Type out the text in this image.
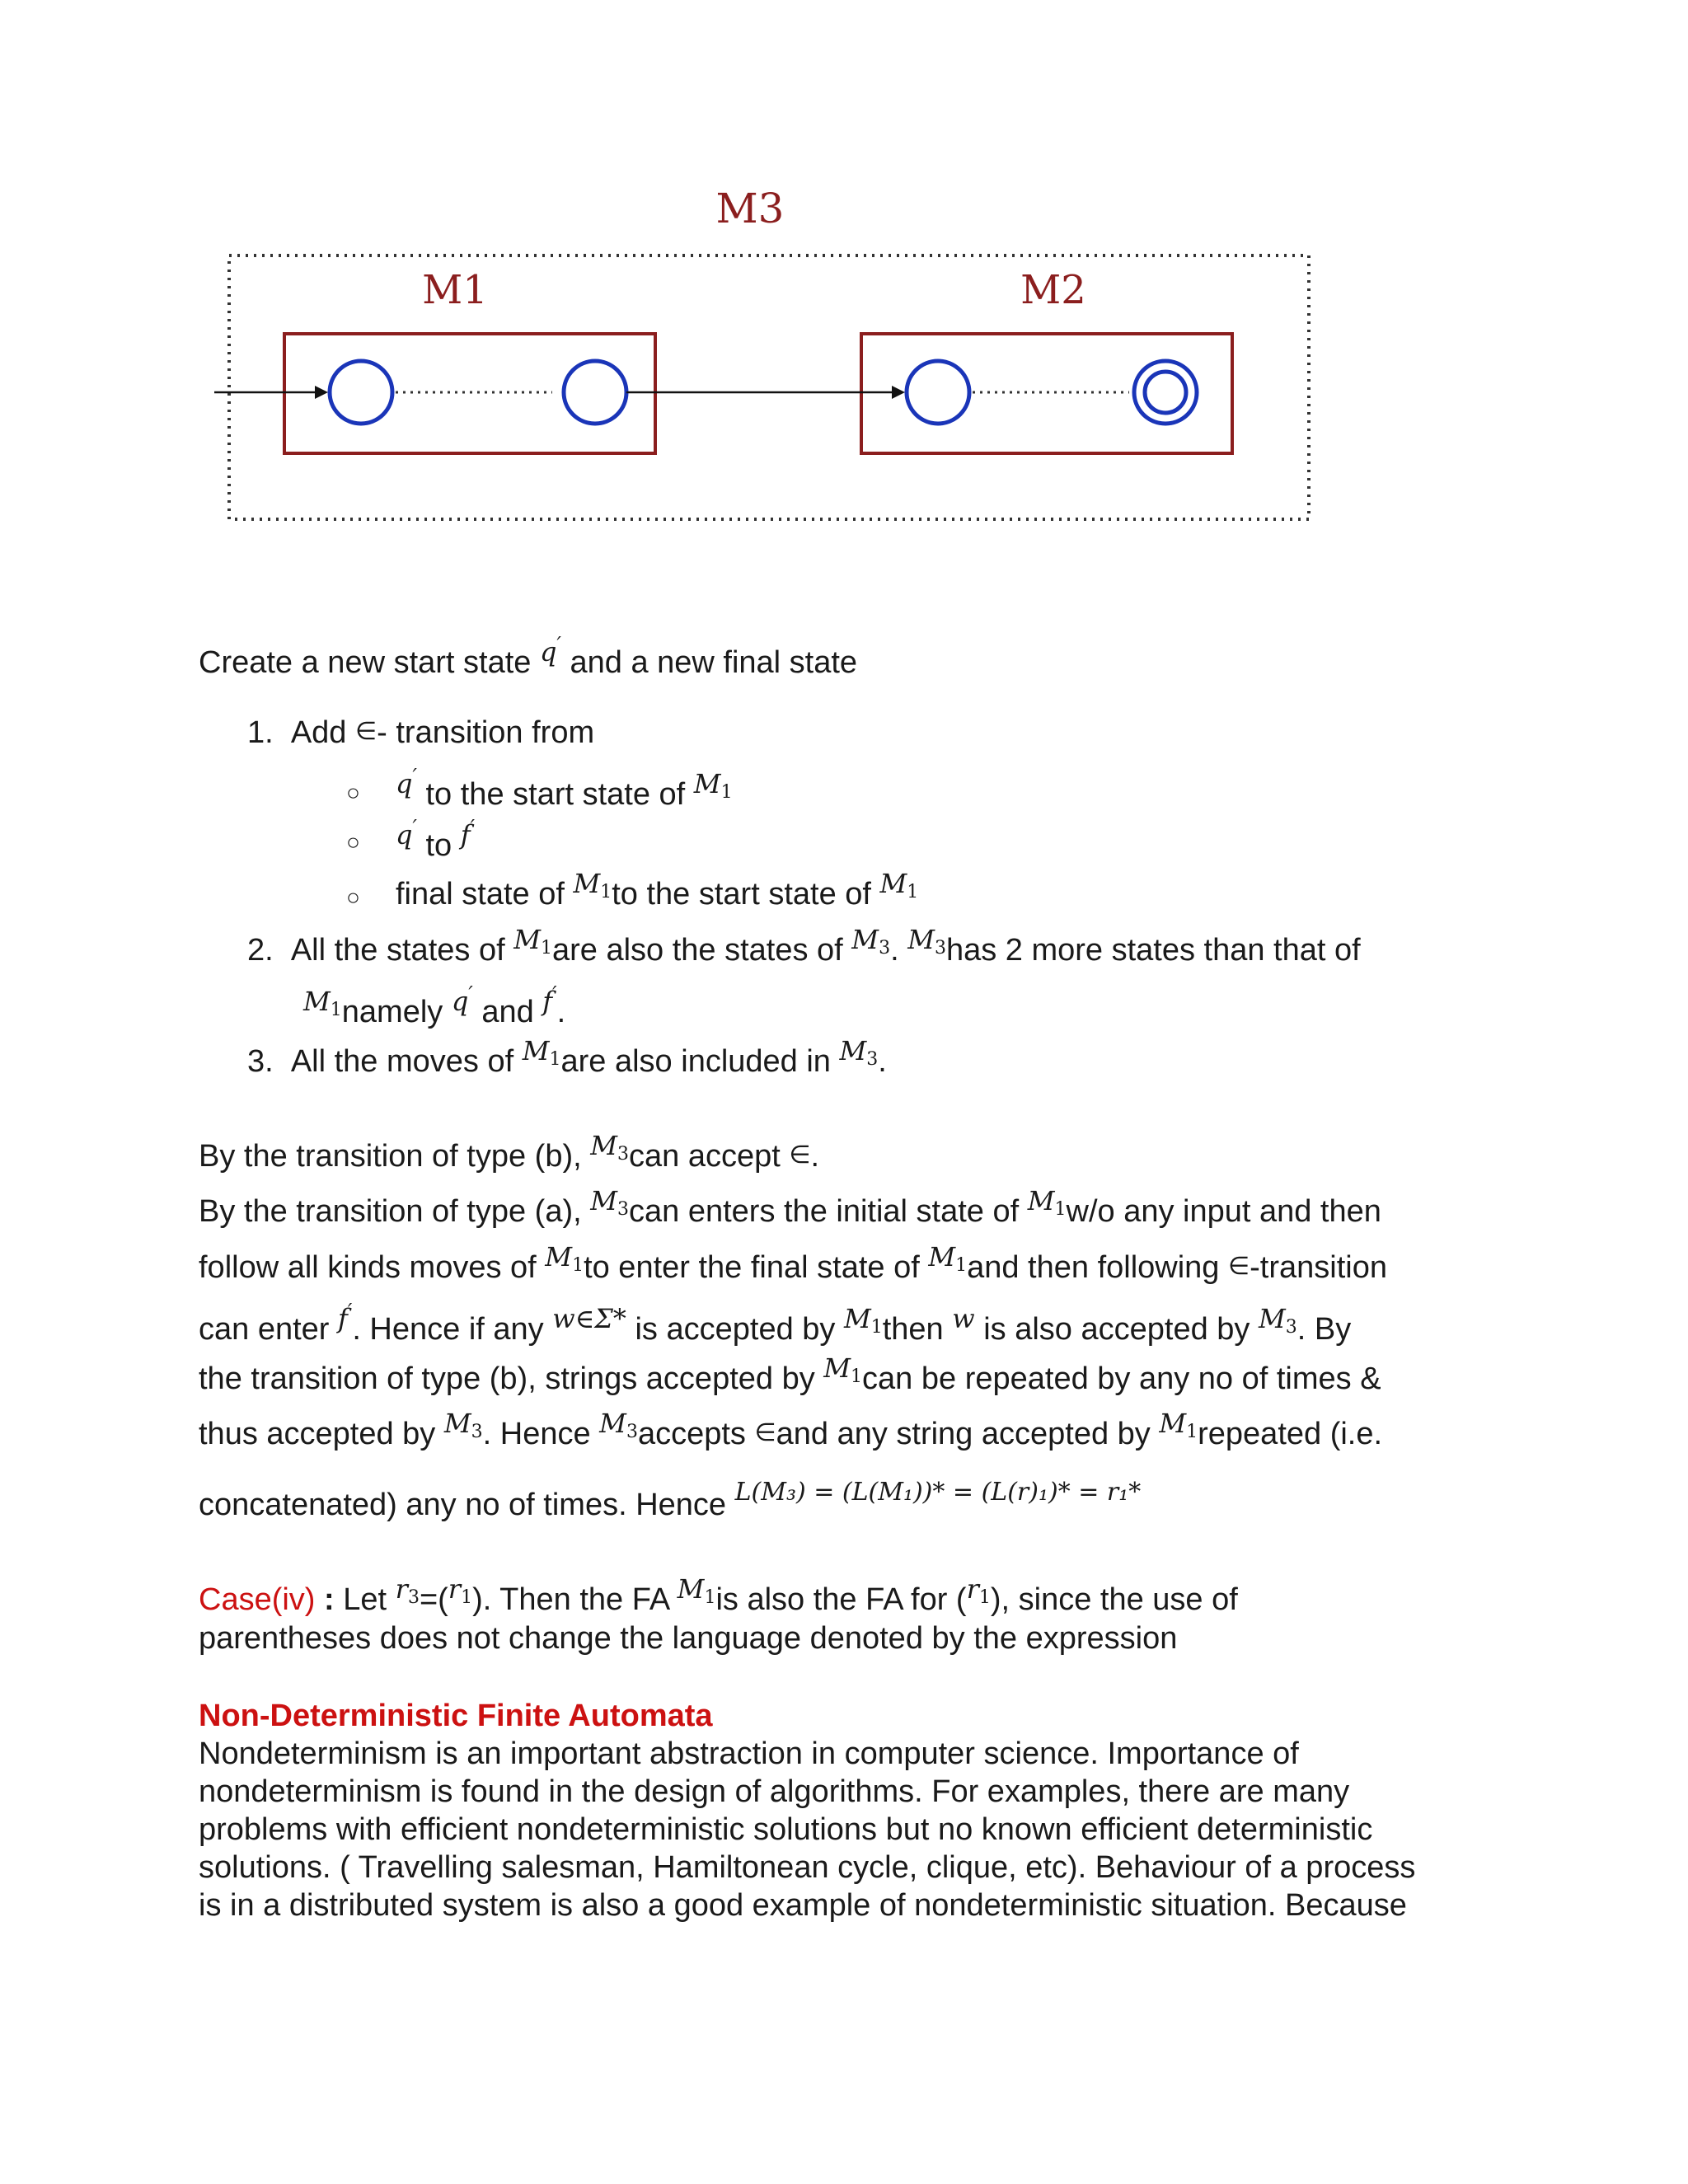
M3
M1	M2
Create a new start state $^{q'}$ and a new final state
1. Add ∈- transition from
○ $^{q'}$ to the start state of $^{M_1}$
○ $^{q'}$ to $^{f'}$
○ final state of $^{M_1}$to the start state of $^{M_1}$
2. All the states of $^{M_1}$are also the states of $^{M_3}$. $^{M_3}$has 2 more states than that of
$^{M_1}$namely $^{q'}$ and $^{f'}$.
3. All the moves of $^{M_1}$are also included in $^{M_3}$.
By the transition of type (b), $^{M_3}$can accept ∈.
By the transition of type (a), $^{M_3}$can enters the initial state of $^{M_1}$w/o any input and then
follow all kinds moves of $^{M_1}$to enter the final state of $^{M_1}$and then following ∈-transition
can enter $^{f'}$. Hence if any $^{w\in\Sigma*}$ is accepted by $^{M_1}$then $^w$ is also accepted by $^{M_3}$. By
the transition of type (b), strings accepted by $^{M_1}$can be repeated by any no of times &
thus accepted by $^{M_3}$. Hence $^{M_3}$accepts ∈and any string accepted by $^{M_1}$repeated (i.e.
concatenated) any no of times. Hence $^{L(M_3) = (L(M_1))* = (L(r)_1)* = r_1*}$
Case(iv) : Let $^{r_3}$=($^{r_1}$). Then the FA $^{M_1}$is also the FA for ($^{r_1}$), since the use of
parentheses does not change the language denoted by the expression
Non-Deterministic Finite Automata
Nondeterminism is an important abstraction in computer science. Importance of
nondeterminism is found in the design of algorithms. For examples, there are many
problems with efficient nondeterministic solutions but no known efficient deterministic
solutions. ( Travelling salesman, Hamiltonean cycle, clique, etc). Behaviour of a process
is in a distributed system is also a good example of nondeterministic situation. Because
